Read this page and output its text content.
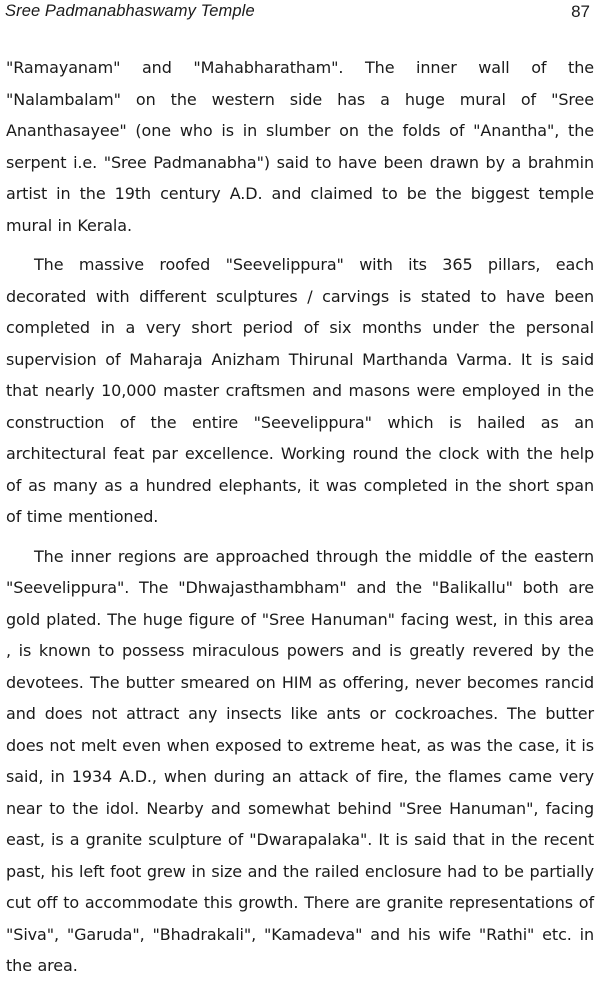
Sree Padmanabhaswamy Temple	87

"Ramayanam" and "Mahabharatham". The inner wall of the "Nalambalam" on the western side has a huge mural of "Sree Ananthasayee" (one who is in slumber on the folds of "Anantha", the serpent i.e. "Sree Padmanabha") said to have been drawn by a brahmin artist in the 19th century A.D. and claimed to be the biggest temple mural in Kerala.

The massive roofed "Seevelippura" with its 365 pillars, each decorated with different sculptures / carvings is stated to have been completed in a very short period of six months under the personal supervision of Maharaja Anizham Thirunal Marthanda Varma. It is said that nearly 10,000 master craftsmen and masons were employed in the construction of the entire "Seevelippura" which is hailed as an architectural feat par excellence. Working round the clock with the help of as many as a hundred elephants, it was completed in the short span of time mentioned.

The inner regions are approached through the middle of the eastern "Seevelippura". The "Dhwajasthambham" and the "Balikallu" both are gold plated. The huge figure of "Sree Hanuman" facing west, in this area , is known to possess miraculous powers and is greatly revered by the devotees. The butter smeared on HIM as offering, never becomes rancid and does not attract any insects like ants or cockroaches. The butter does not melt even when exposed to extreme heat, as was the case, it is said, in 1934 A.D., when during an attack of fire, the flames came very near to the idol. Nearby and somewhat behind "Sree Hanuman", facing east, is a granite sculpture of "Dwarapalaka". It is said that in the recent past, his left foot grew in size and the railed enclosure had to be partially cut off to accommodate this growth. There are granite representations of "Siva", "Garuda", "Bhadrakali", "Kamadeva" and his wife "Rathi" etc. in the area.
